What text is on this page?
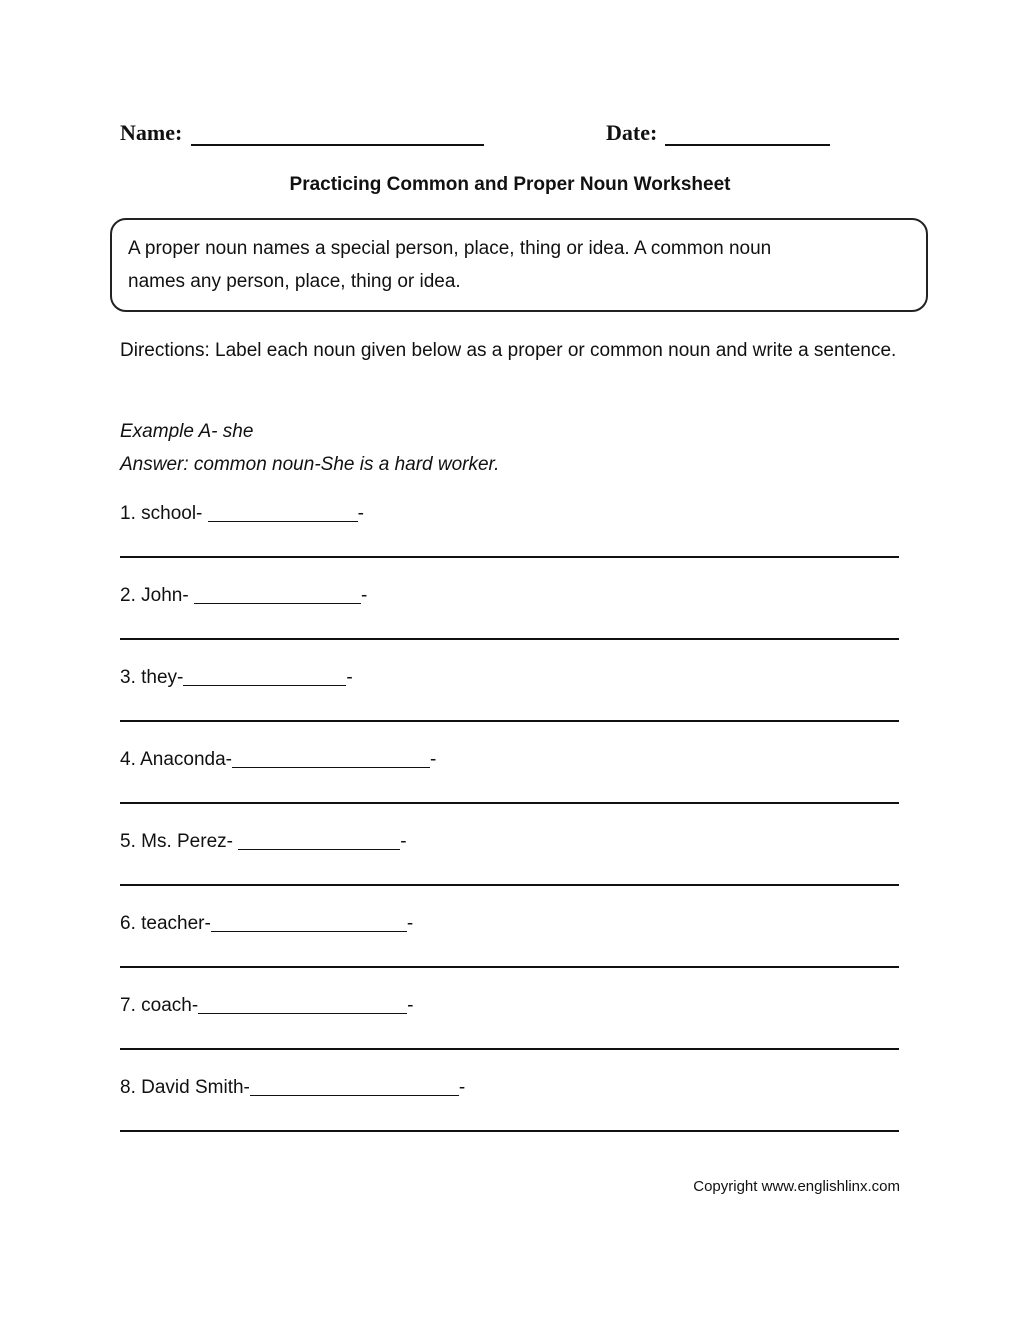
Name:	Date:
Practicing Common and Proper Noun Worksheet
A proper noun names a special person, place, thing or idea. A common noun
names any person, place, thing or idea.
Directions: Label each noun given below as a proper or common noun and write a sentence.
Example A- she
Answer: common noun-She is a hard worker.
1. school-	-
2. John-	-
3. they-	-
4. Anaconda-	-
5. Ms. Perez-	-
6. teacher-	-
7. coach-	-
8. David Smith-	-
Copyright www.englishlinx.com
